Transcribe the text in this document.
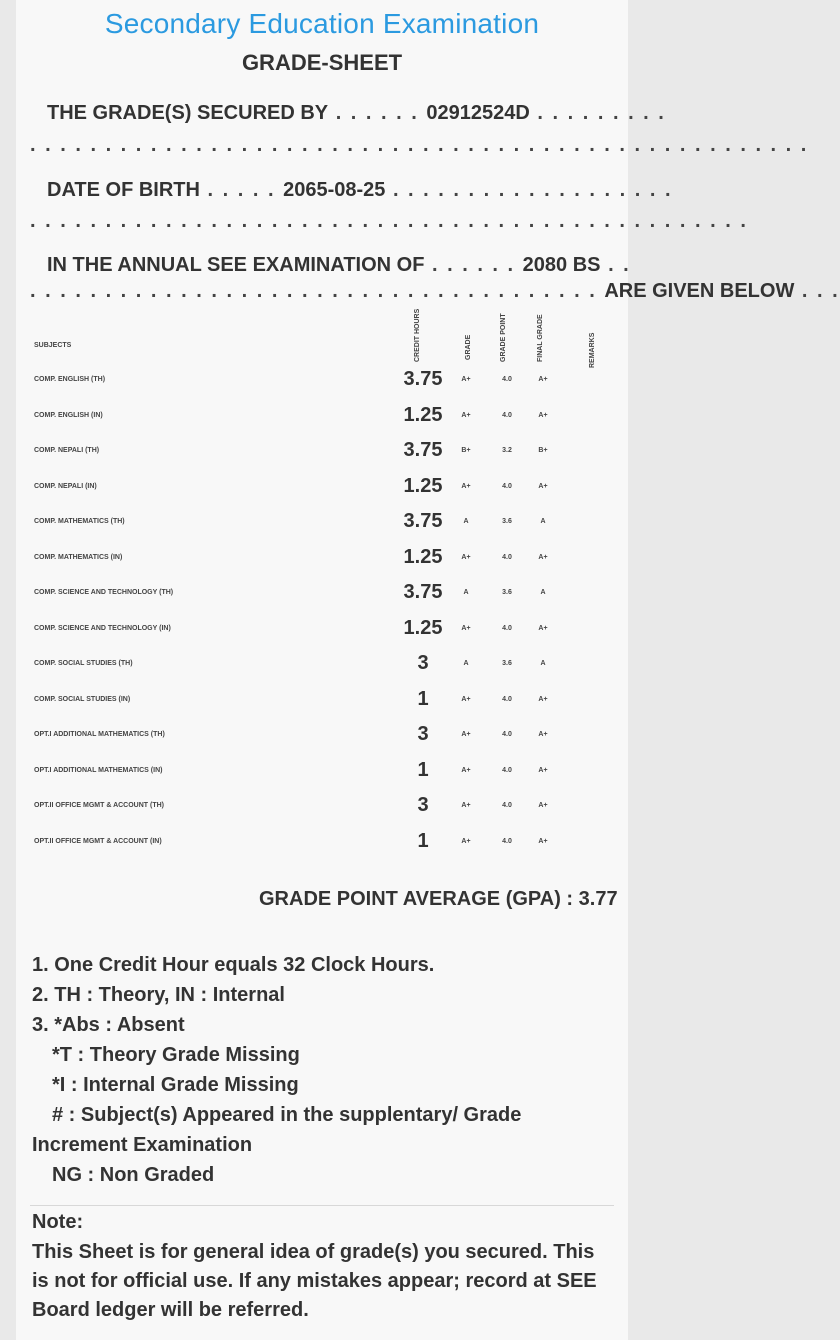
Secondary Education Examination
GRADE-SHEET
THE GRADE(S) SECURED BY . . . . . . 02912524D . . . . . . . . .
. . . . . . . . . . . . . . . . . . . . . . . . . . . . . . . . . . . . . . . . . . . . . . . . . . . .
DATE OF BIRTH . . . . . 2065-08-25 . . . . . . . . . . . . . . . . . . .
. . . . . . . . . . . . . . . . . . . . . . . . . . . . . . . . . . . . . . . . . . . . . . . .
IN THE ANNUAL SEE EXAMINATION OF . . . . . . 2080 BS . .
. . . . . . . . . . . . . . . . . . . . . . . . . . . . . . . . . . . . . . ARE GIVEN BELOW . . .
SUBJECTS	CREDIT HOURS	GRADE	GRADE POINT	FINAL GRADE	REMARKS
COMP. ENGLISH (TH)	3.75	A+	4.0	A+
COMP. ENGLISH (IN)	1.25	A+	4.0	A+
COMP. NEPALI (TH)	3.75	B+	3.2	B+
COMP. NEPALI (IN)	1.25	A+	4.0	A+
COMP. MATHEMATICS (TH)	3.75	A	3.6	A
COMP. MATHEMATICS (IN)	1.25	A+	4.0	A+
COMP. SCIENCE AND TECHNOLOGY (TH)	3.75	A	3.6	A
COMP. SCIENCE AND TECHNOLOGY (IN)	1.25	A+	4.0	A+
COMP. SOCIAL STUDIES (TH)	3	A	3.6	A
COMP. SOCIAL STUDIES (IN)	1	A+	4.0	A+
OPT.I ADDITIONAL MATHEMATICS (TH)	3	A+	4.0	A+
OPT.I ADDITIONAL MATHEMATICS (IN)	1	A+	4.0	A+
OPT.II OFFICE MGMT & ACCOUNT (TH)	3	A+	4.0	A+
OPT.II OFFICE MGMT & ACCOUNT (IN)	1	A+	4.0	A+
GRADE POINT AVERAGE (GPA) : 3.77

1. One Credit Hour equals 32 Clock Hours.

2. TH : Theory, IN : Internal

3. *Abs : Absent

*T : Theory Grade Missing

*I : Internal Grade Missing

# : Subject(s) Appeared in the supplentary/ Grade

Increment Examination

NG : Non Graded

Note:

This Sheet is for general idea of grade(s) you secured. This

is not for official use. If any mistakes appear; record at SEE

Board ledger will be referred.
